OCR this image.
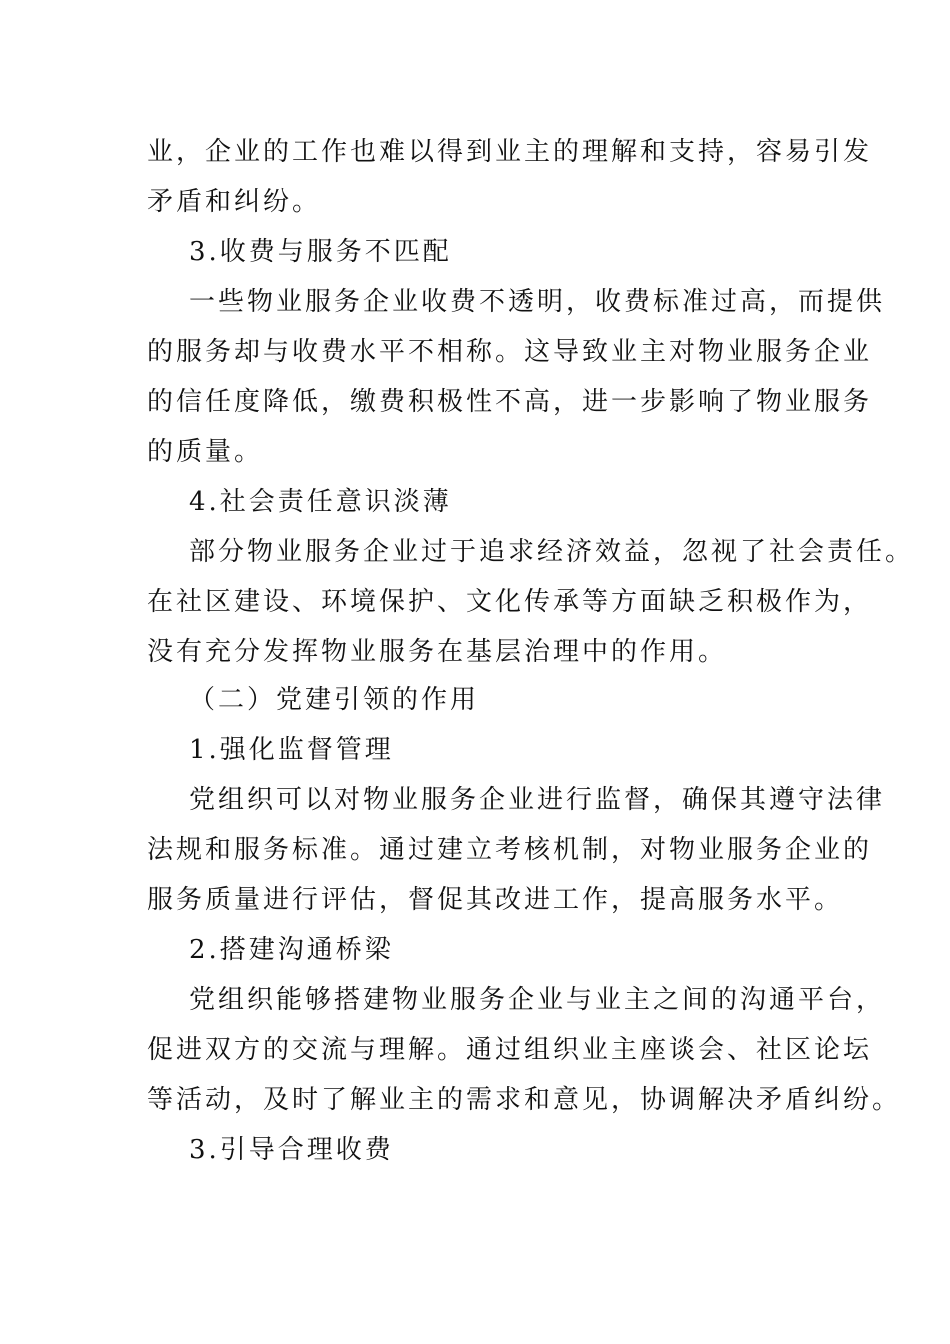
业，企业的工作也难以得到业主的理解和支持，容易引发
矛盾和纠纷。
3.收费与服务不匹配
一些物业服务企业收费不透明，收费标准过高，而提供
的服务却与收费水平不相称。这导致业主对物业服务企业
的信任度降低，缴费积极性不高，进一步影响了物业服务
的质量。
4.社会责任意识淡薄
部分物业服务企业过于追求经济效益，忽视了社会责任。
在社区建设、环境保护、文化传承等方面缺乏积极作为，
没有充分发挥物业服务在基层治理中的作用。
（二）党建引领的作用
1.强化监督管理
党组织可以对物业服务企业进行监督，确保其遵守法律
法规和服务标准。通过建立考核机制，对物业服务企业的
服务质量进行评估，督促其改进工作，提高服务水平。
2.搭建沟通桥梁
党组织能够搭建物业服务企业与业主之间的沟通平台，
促进双方的交流与理解。通过组织业主座谈会、社区论坛
等活动，及时了解业主的需求和意见，协调解决矛盾纠纷。
3.引导合理收费
